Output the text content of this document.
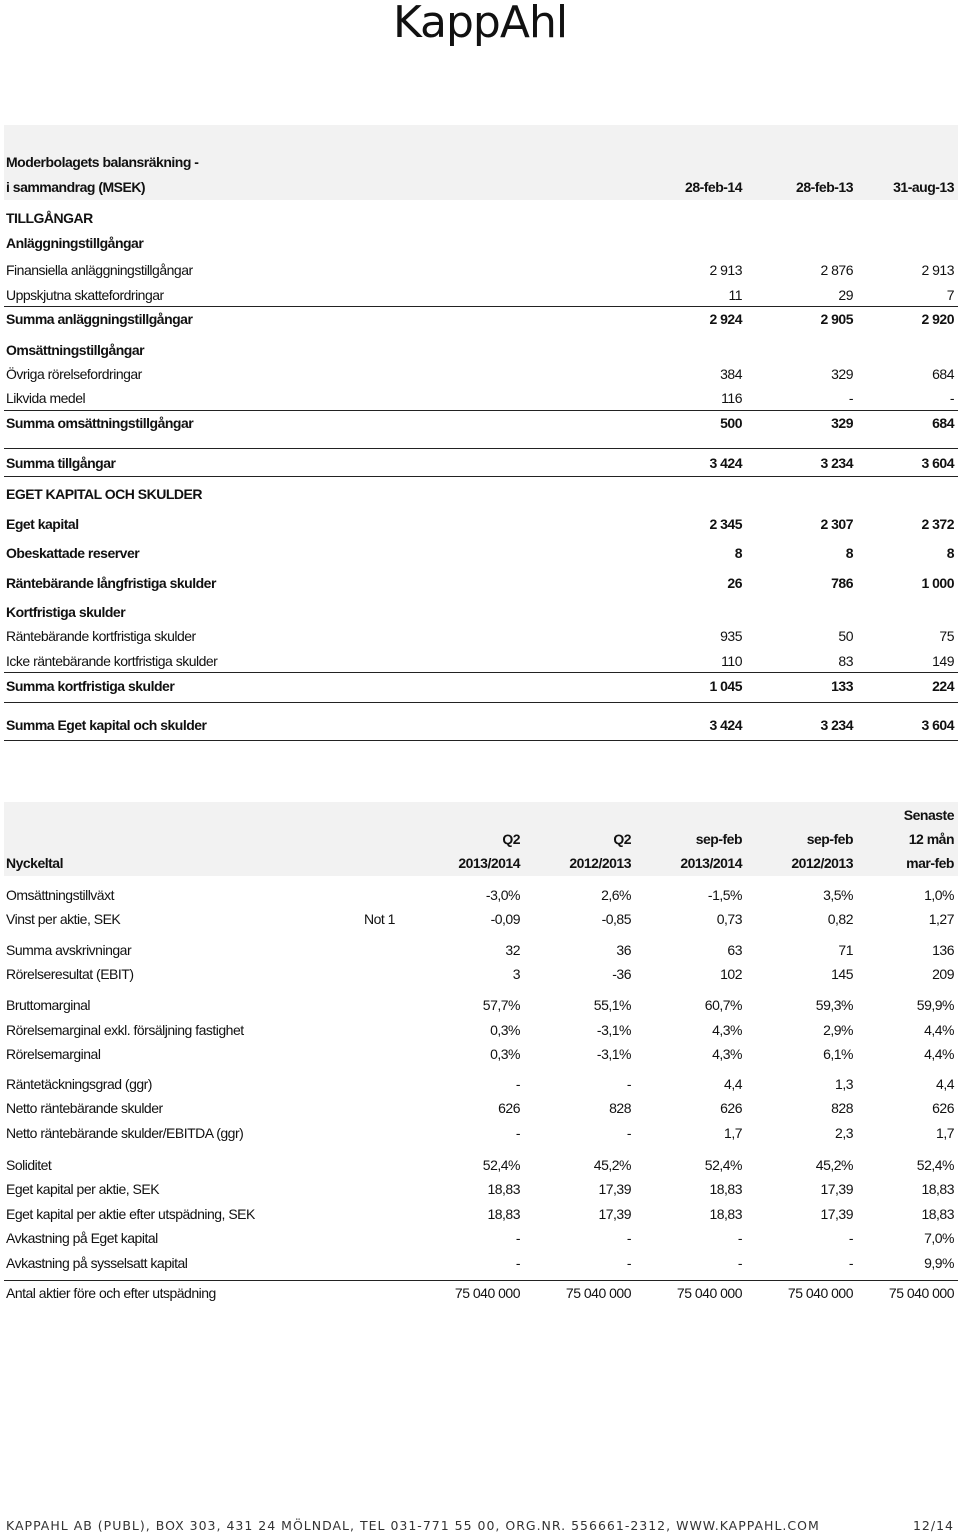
KappAhl
Moderbolagets balansräkning -
i sammandrag (MSEK)	28-feb-14	28-feb-13	31-aug-13
TILLGÅNGAR
Anläggningstillgångar
Finansiella anläggningstillgångar	2 913	2 876	2 913
Uppskjutna skattefordringar	11	29	7
Summa anläggningstillgångar	2 924	2 905	2 920
Omsättningstillgångar
Övriga rörelsefordringar	384	329	684
Likvida medel	116	-	-
Summa omsättningstillgångar	500	329	684
Summa tillgångar	3 424	3 234	3 604
EGET KAPITAL OCH SKULDER
Eget kapital	2 345	2 307	2 372
Obeskattade reserver	8	8	8
Räntebärande långfristiga skulder	26	786	1 000
Kortfristiga skulder
Räntebärande kortfristiga skulder	935	50	75
Icke räntebärande kortfristiga skulder	110	83	149
Summa kortfristiga skulder	1 045	133	224
Summa Eget kapital och skulder	3 424	3 234	3 604
Senaste
Q2	Q2	sep-feb	sep-feb	12 mån
Nyckeltal	2013/2014	2012/2013	2013/2014	2012/2013	mar-feb
Omsättningstillväxt	-3,0%	2,6%	-1,5%	3,5%	1,0%
Vinst per aktie, SEK	Not 1	-0,09	-0,85	0,73	0,82	1,27
Summa avskrivningar	32	36	63	71	136
Rörelseresultat (EBIT)	3	-36	102	145	209
Bruttomarginal	57,7%	55,1%	60,7%	59,3%	59,9%
Rörelsemarginal exkl. försäljning fastighet	0,3%	-3,1%	4,3%	2,9%	4,4%
Rörelsemarginal	0,3%	-3,1%	4,3%	6,1%	4,4%
Räntetäckningsgrad (ggr)	-	-	4,4	1,3	4,4
Netto räntebärande skulder	626	828	626	828	626
Netto räntebärande skulder/EBITDA (ggr)	-	-	1,7	2,3	1,7
Soliditet	52,4%	45,2%	52,4%	45,2%	52,4%
Eget kapital per aktie, SEK	18,83	17,39	18,83	17,39	18,83
Eget kapital per aktie efter utspädning, SEK	18,83	17,39	18,83	17,39	18,83
Avkastning på Eget kapital	-	-	-	-	7,0%
Avkastning på sysselsatt kapital	-	-	-	-	9,9%
Antal aktier före och efter utspädning	75 040 000	75 040 000	75 040 000	75 040 000	75 040 000
KAPPAHL AB (PUBL), BOX 303, 431 24 MÖLNDAL, TEL 031-771 55 00, ORG.NR. 556661-2312, WWW.KAPPAHL.COM	12/14
